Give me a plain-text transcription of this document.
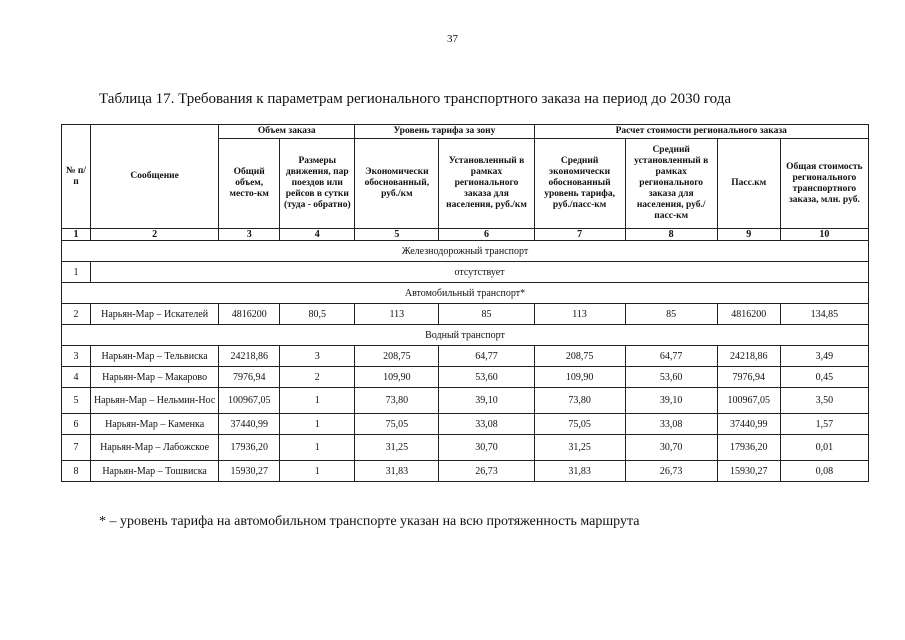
37
Таблица 17. Требования к параметрам регионального транспортного заказа на период до 2030 года
№ п/п	Сообщение	Объем заказа		Уровень тарифа за зону		Расчет стоимости регионального заказа			
		Общий объем, место-км	Размеры движения, пар поездов или рейсов в сутки (туда - обратно)	Экономически обоснованный, руб./км	Установленный в рамках регионального заказа для населения, руб./км	Средний экономически обоснованный уровень тарифа, руб./пасс-км	Средний установленный в рамках регионального заказа для населения, руб./пасс-км	Пасс.км	Общая стоимость регионального транспортного заказа, млн. руб.
1	2	3	4	5	6	7	8	9	10
Железнодорожный транспорт									
1	отсутствует								
Автомобильный транспорт*									
2	Нарьян-Мар – Искателей	4816200	80,5	113	85	113	85	4816200	134,85
Водный транспорт									
3	Нарьян-Мар – Тельвиска	24218,86	3	208,75	64,77	208,75	64,77	24218,86	3,49
4	Нарьян-Мар – Макарово	7976,94	2	109,90	53,60	109,90	53,60	7976,94	0,45
5	Нарьян-Мар – Нельмин-Нос	100967,05	1	73,80	39,10	73,80	39,10	100967,05	3,50
6	Нарьян-Мар – Каменка	37440,99	1	75,05	33,08	75,05	33,08	37440,99	1,57
7	Нарьян-Мар – Лабожское	17936,20	1	31,25	30,70	31,25	30,70	17936,20	0,01
8	Нарьян-Мар – Тошвиска	15930,27	1	31,83	26,73	31,83	26,73	15930,27	0,08
* – уровень тарифа на автомобильном транспорте указан на всю протяженность маршрута
